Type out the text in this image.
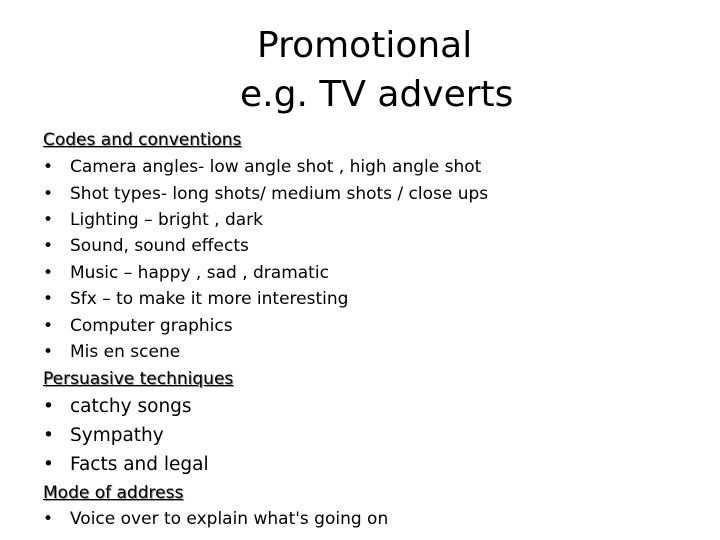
Promotional
e.g. TV adverts
Codes and conventions
• Camera angles- low angle shot , high angle shot
• Shot types- long shots/ medium shots / close ups
• Lighting – bright , dark
• Sound, sound effects
• Music – happy , sad , dramatic
• Sfx – to make it more interesting
• Computer graphics
• Mis en scene
Persuasive techniques
• catchy songs
• Sympathy
• Facts and legal
Mode of address
• Voice over to explain what's going on
